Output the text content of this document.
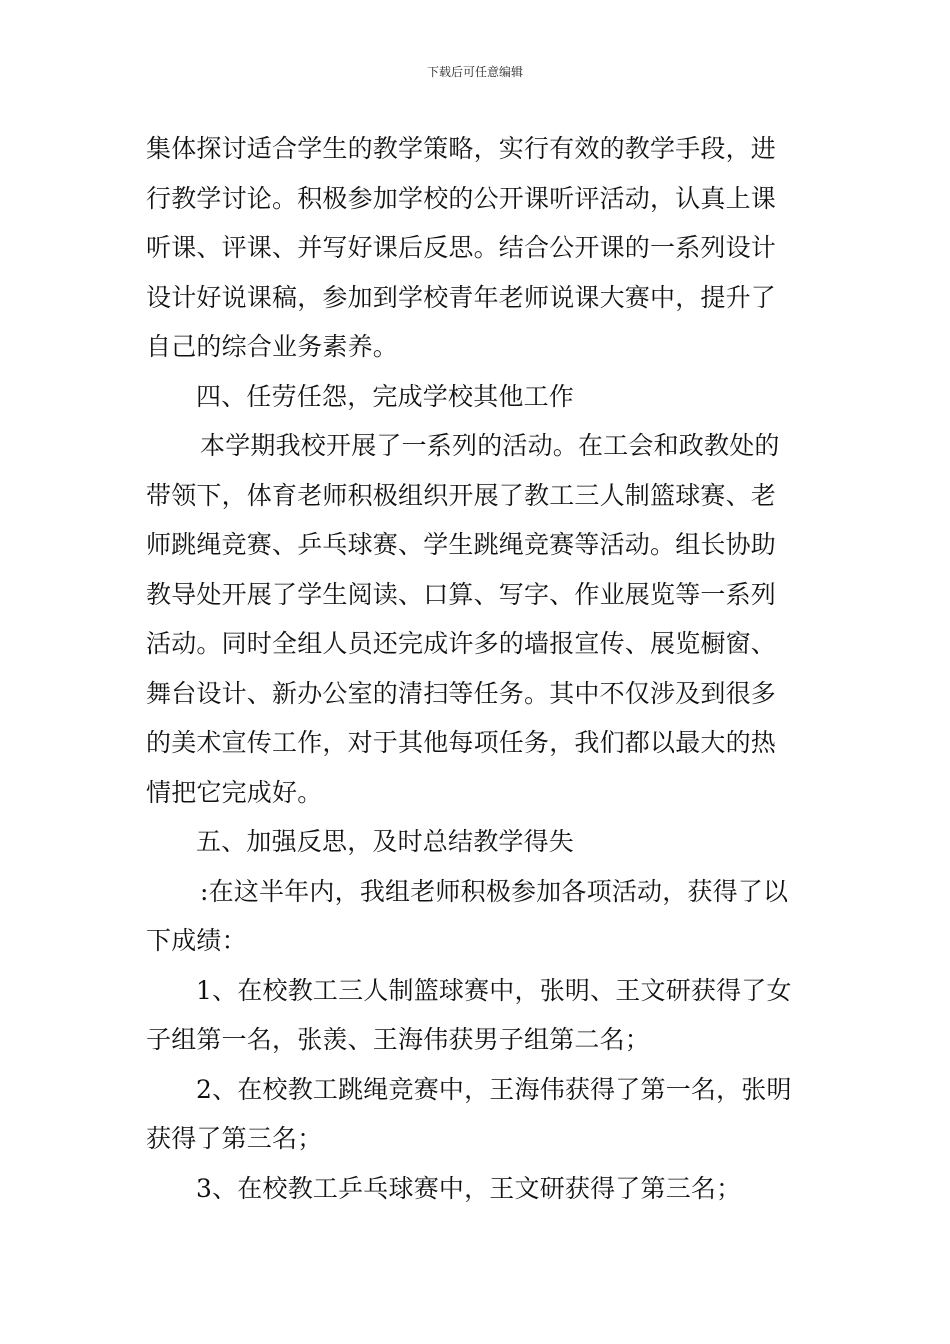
下载后可任意编辑
集体探讨适合学生的教学策略，实行有效的教学手段，进
行教学讨论。积极参加学校的公开课听评活动，认真上课
听课、评课、并写好课后反思。结合公开课的一系列设计
设计好说课稿，参加到学校青年老师说课大赛中，提升了
自己的综合业务素养。
四、任劳任怨，完成学校其他工作
本学期我校开展了一系列的活动。在工会和政教处的
带领下，体育老师积极组织开展了教工三人制篮球赛、老
师跳绳竞赛、乒乓球赛、学生跳绳竞赛等活动。组长协助
教导处开展了学生阅读、口算、写字、作业展览等一系列
活动。同时全组人员还完成许多的墙报宣传、展览橱窗、
舞台设计、新办公室的清扫等任务。其中不仅涉及到很多
的美术宣传工作，对于其他每项任务，我们都以最大的热
情把它完成好。
五、加强反思，及时总结教学得失
:在这半年内，我组老师积极参加各项活动，获得了以
下成绩：
1、在校教工三人制篮球赛中，张明、王文研获得了女
子组第一名，张羡、王海伟获男子组第二名；
2、在校教工跳绳竞赛中，王海伟获得了第一名，张明
获得了第三名；
3、在校教工乒乓球赛中，王文研获得了第三名；
